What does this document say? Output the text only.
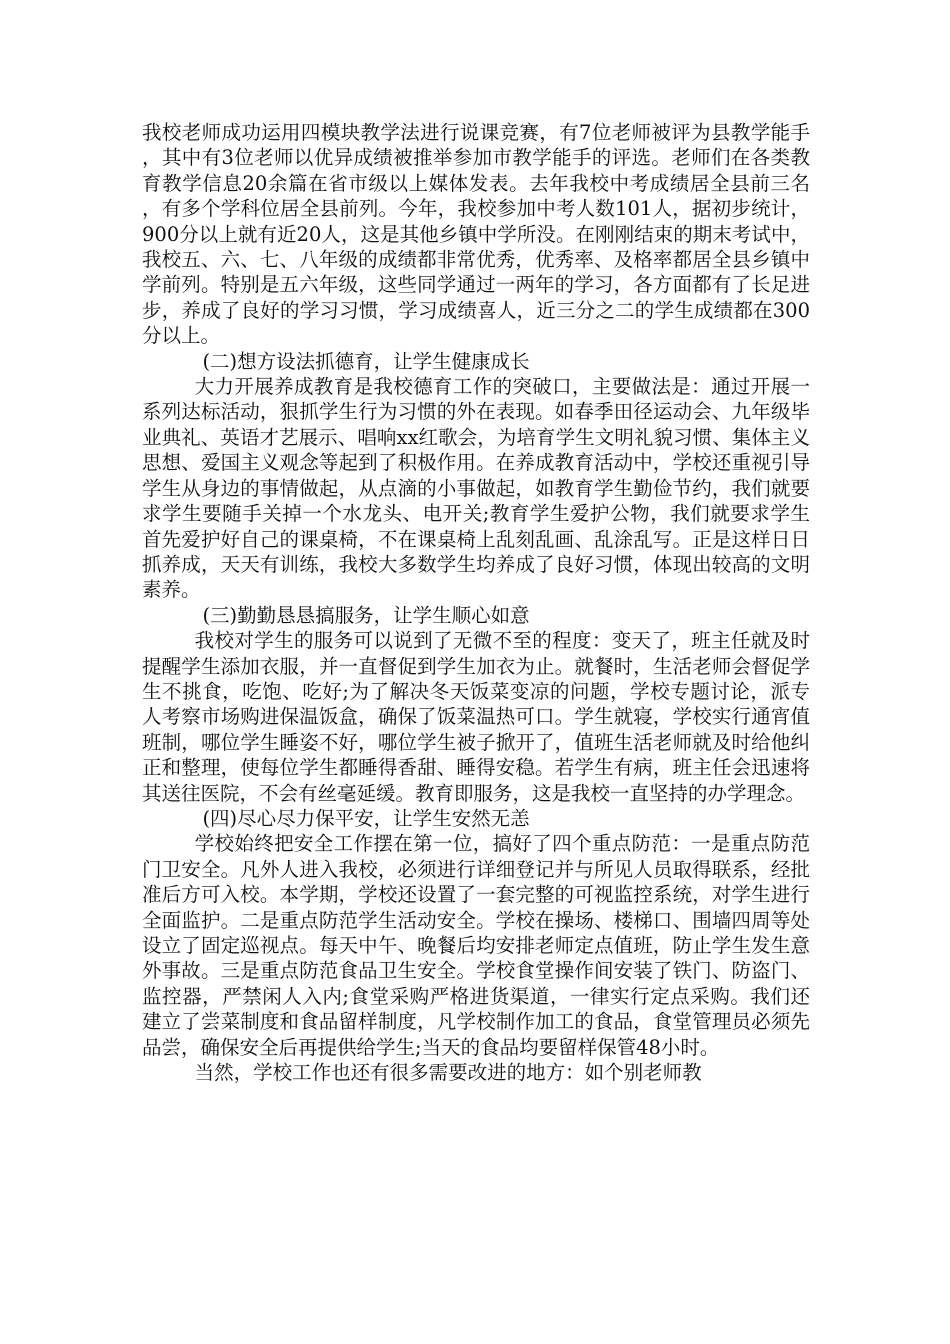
我校老师成功运用四模块教学法进行说课竞赛，有7位老师被评为县教学能手，其中有3位老师以优异成绩被推举参加市教学能手的评选。老师们在各类教育教学信息20余篇在省市级以上媒体发表。去年我校中考成绩居全县前三名，有多个学科位居全县前列。今年，我校参加中考人数101人，据初步统计，900分以上就有近20人，这是其他乡镇中学所没。在刚刚结束的期末考试中，我校五、六、七、八年级的成绩都非常优秀，优秀率、及格率都居全县乡镇中学前列。特别是五六年级，这些同学通过一两年的学习，各方面都有了长足进步，养成了良好的学习习惯，学习成绩喜人，近三分之二的学生成绩都在300分以上。

(二)想方设法抓德育，让学生健康成长

大力开展养成教育是我校德育工作的突破口，主要做法是：通过开展一系列达标活动，狠抓学生行为习惯的外在表现。如春季田径运动会、九年级毕业典礼、英语才艺展示、唱响xx红歌会，为培育学生文明礼貌习惯、集体主义思想、爱国主义观念等起到了积极作用。在养成教育活动中，学校还重视引导学生从身边的事情做起，从点滴的小事做起，如教育学生勤俭节约，我们就要求学生要随手关掉一个水龙头、电开关;教育学生爱护公物，我们就要求学生首先爱护好自己的课桌椅，不在课桌椅上乱刻乱画、乱涂乱写。正是这样日日抓养成，天天有训练，我校大多数学生均养成了良好习惯，体现出较高的文明素养。

(三)勤勤恳恳搞服务，让学生顺心如意

我校对学生的服务可以说到了无微不至的程度：变天了，班主任就及时提醒学生添加衣服，并一直督促到学生加衣为止。就餐时，生活老师会督促学生不挑食，吃饱、吃好;为了解决冬天饭菜变凉的问题，学校专题讨论，派专人考察市场购进保温饭盒，确保了饭菜温热可口。学生就寝，学校实行通宵值班制，哪位学生睡姿不好，哪位学生被子掀开了，值班生活老师就及时给他纠正和整理，使每位学生都睡得香甜、睡得安稳。若学生有病，班主任会迅速将其送往医院，不会有丝毫延缓。教育即服务，这是我校一直坚持的办学理念。

(四)尽心尽力保平安，让学生安然无恙

学校始终把安全工作摆在第一位，搞好了四个重点防范：一是重点防范门卫安全。凡外人进入我校，必须进行详细登记并与所见人员取得联系，经批准后方可入校。本学期，学校还设置了一套完整的可视监控系统，对学生进行全面监护。二是重点防范学生活动安全。学校在操场、楼梯口、围墙四周等处设立了固定巡视点。每天中午、晚餐后均安排老师定点值班，防止学生发生意外事故。三是重点防范食品卫生安全。学校食堂操作间安装了铁门、防盗门、监控器，严禁闲人入内;食堂采购严格进货渠道，一律实行定点采购。我们还建立了尝菜制度和食品留样制度，凡学校制作加工的食品，食堂管理员必须先品尝，确保安全后再提供给学生;当天的食品均要留样保管48小时。

当然，学校工作也还有很多需要改进的地方：如个别老师教
